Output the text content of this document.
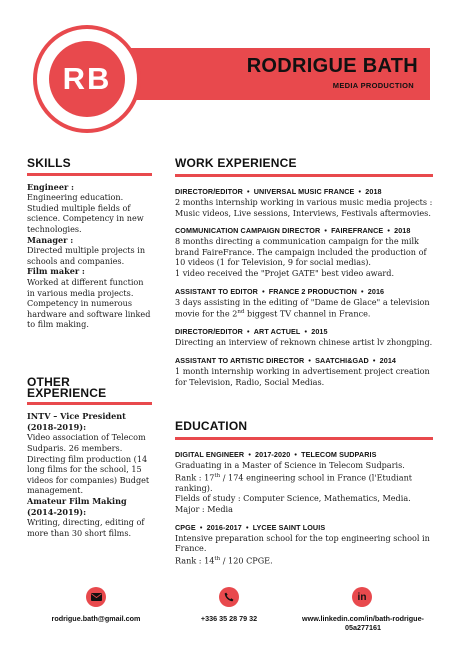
RB	RODRIGUE BATH
MEDIA PRODUCTION
SKILLS
Engineer :
Engineering education. Studied multiple fields of science. Competency in new technologies.
Manager :
Directed multiple projects in schools and companies.
Film maker :
Worked at different function in various media projects. Competency in numerous hardware and software linked to film making.
OTHER EXPERIENCE
INTV – Vice President (2018-2019):
Video association of Telecom Sudparis. 26 members. Directing film production (14 long films for the school, 15 videos for companies) Budget management.
Amateur Film Making (2014-2019):
Writing, directing, editing of more than 30 short films.
WORK EXPERIENCE
DIRECTOR/EDITOR • UNIVERSAL MUSIC FRANCE • 2018
2 months internship working in various music media projects : Music videos, Live sessions, Interviews, Festivals aftermovies.
COMMUNICATION CAMPAIGN DIRECTOR • FAIREFRANCE • 2018
8 months directing a communication campaign for the milk brand FaireFrance. The campaign included the production of 10 videos (1 for Television, 9 for social medias).
1 video received the "Projet GATE" best video award.
ASSISTANT TO EDITOR • FRANCE 2 PRODUCTION • 2016
3 days assisting in the editing of "Dame de Glace" a television movie for the 2nd biggest TV channel in France.
DIRECTOR/EDITOR • ART ACTUEL • 2015
Directing an interview of reknown chinese artist lv zhongping.
ASSISTANT TO ARTISTIC DIRECTOR • SAATCHI&GAD • 2014
1 month internship working in advertisement project creation for Television, Radio, Social Medias.
EDUCATION
DIGITAL ENGINEER • 2017-2020 • TELECOM SUDPARIS
Graduating in a Master of Science in Telecom Sudparis.
Rank : 17th / 174 engineering school in France (l'Etudiant ranking).
Fields of study : Computer Science, Mathematics, Media.
Major : Media
CPGE • 2016-2017 • LYCEE SAINT LOUIS
Intensive preparation school for the top engineering school in France.
Rank : 14th / 120 CPGE.
rodrigue.bath@gmail.com	+336 35 28 79 32
in
www.linkedin.com/in/bath-rodrigue-05a277161
